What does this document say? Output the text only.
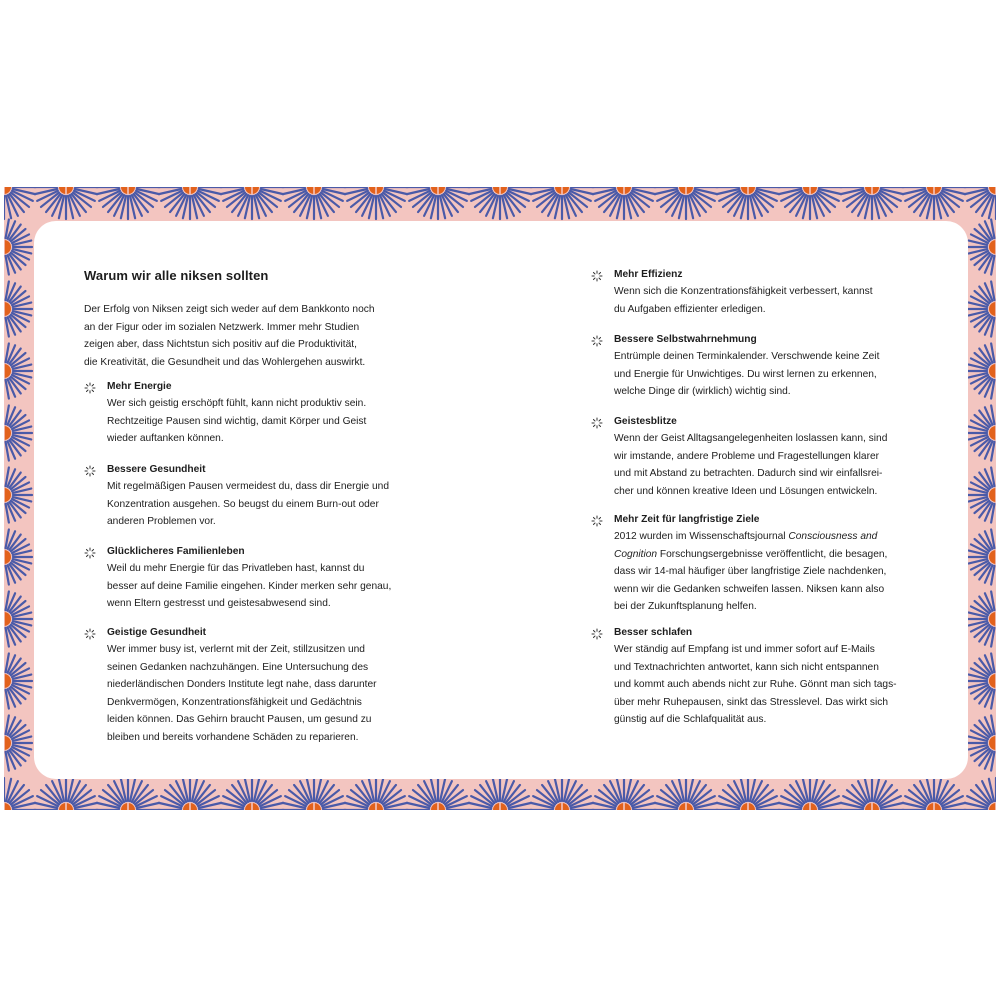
Warum wir alle niksen sollten
Der Erfolg von Niksen zeigt sich weder auf dem Bankkonto noch
an der Figur oder im sozialen Netzwerk. Immer mehr Studien
zeigen aber, dass Nichtstun sich positiv auf die Produktivität,
die Kreativität, die Gesundheit und das Wohlergehen auswirkt.
Mehr Energie
Wer sich geistig erschöpft fühlt, kann nicht produktiv sein.
Rechtzeitige Pausen sind wichtig, damit Körper und Geist
wieder auftanken können.
Bessere Gesundheit
Mit regelmäßigen Pausen vermeidest du, dass dir Energie und
Konzentration ausgehen. So beugst du einem Burn-out oder
anderen Problemen vor.
Glücklicheres Familienleben
Weil du mehr Energie für das Privatleben hast, kannst du
besser auf deine Familie eingehen. Kinder merken sehr genau,
wenn Eltern gestresst und geistesabwesend sind.
Geistige Gesundheit
Wer immer busy ist, verlernt mit der Zeit, stillzusitzen und
seinen Gedanken nachzuhängen. Eine Untersuchung des
niederländischen Donders Institute legt nahe, dass darunter
Denkvermögen, Konzentrationsfähigkeit und Gedächtnis
leiden können. Das Gehirn braucht Pausen, um gesund zu
bleiben und bereits vorhandene Schäden zu reparieren.
Mehr Effizienz
Wenn sich die Konzentrationsfähigkeit verbessert, kannst
du Aufgaben effizienter erledigen.
Bessere Selbstwahrnehmung
Entrümple deinen Terminkalender. Verschwende keine Zeit
und Energie für Unwichtiges. Du wirst lernen zu erkennen,
welche Dinge dir (wirklich) wichtig sind.
Geistesblitze
Wenn der Geist Alltagsangelegenheiten loslassen kann, sind
wir imstande, andere Probleme und Fragestellungen klarer
und mit Abstand zu betrachten. Dadurch sind wir einfallsrei-
cher und können kreative Ideen und Lösungen entwickeln.
Mehr Zeit für langfristige Ziele
2012 wurden im Wissenschaftsjournal Consciousness and
Cognition Forschungsergebnisse veröffentlicht, die besagen,
dass wir 14-mal häufiger über langfristige Ziele nachdenken,
wenn wir die Gedanken schweifen lassen. Niksen kann also
bei der Zukunftsplanung helfen.
Besser schlafen
Wer ständig auf Empfang ist und immer sofort auf E-Mails
und Textnachrichten antwortet, kann sich nicht entspannen
und kommt auch abends nicht zur Ruhe. Gönnt man sich tags-
über mehr Ruhepausen, sinkt das Stresslevel. Das wirkt sich
günstig auf die Schlafqualität aus.
